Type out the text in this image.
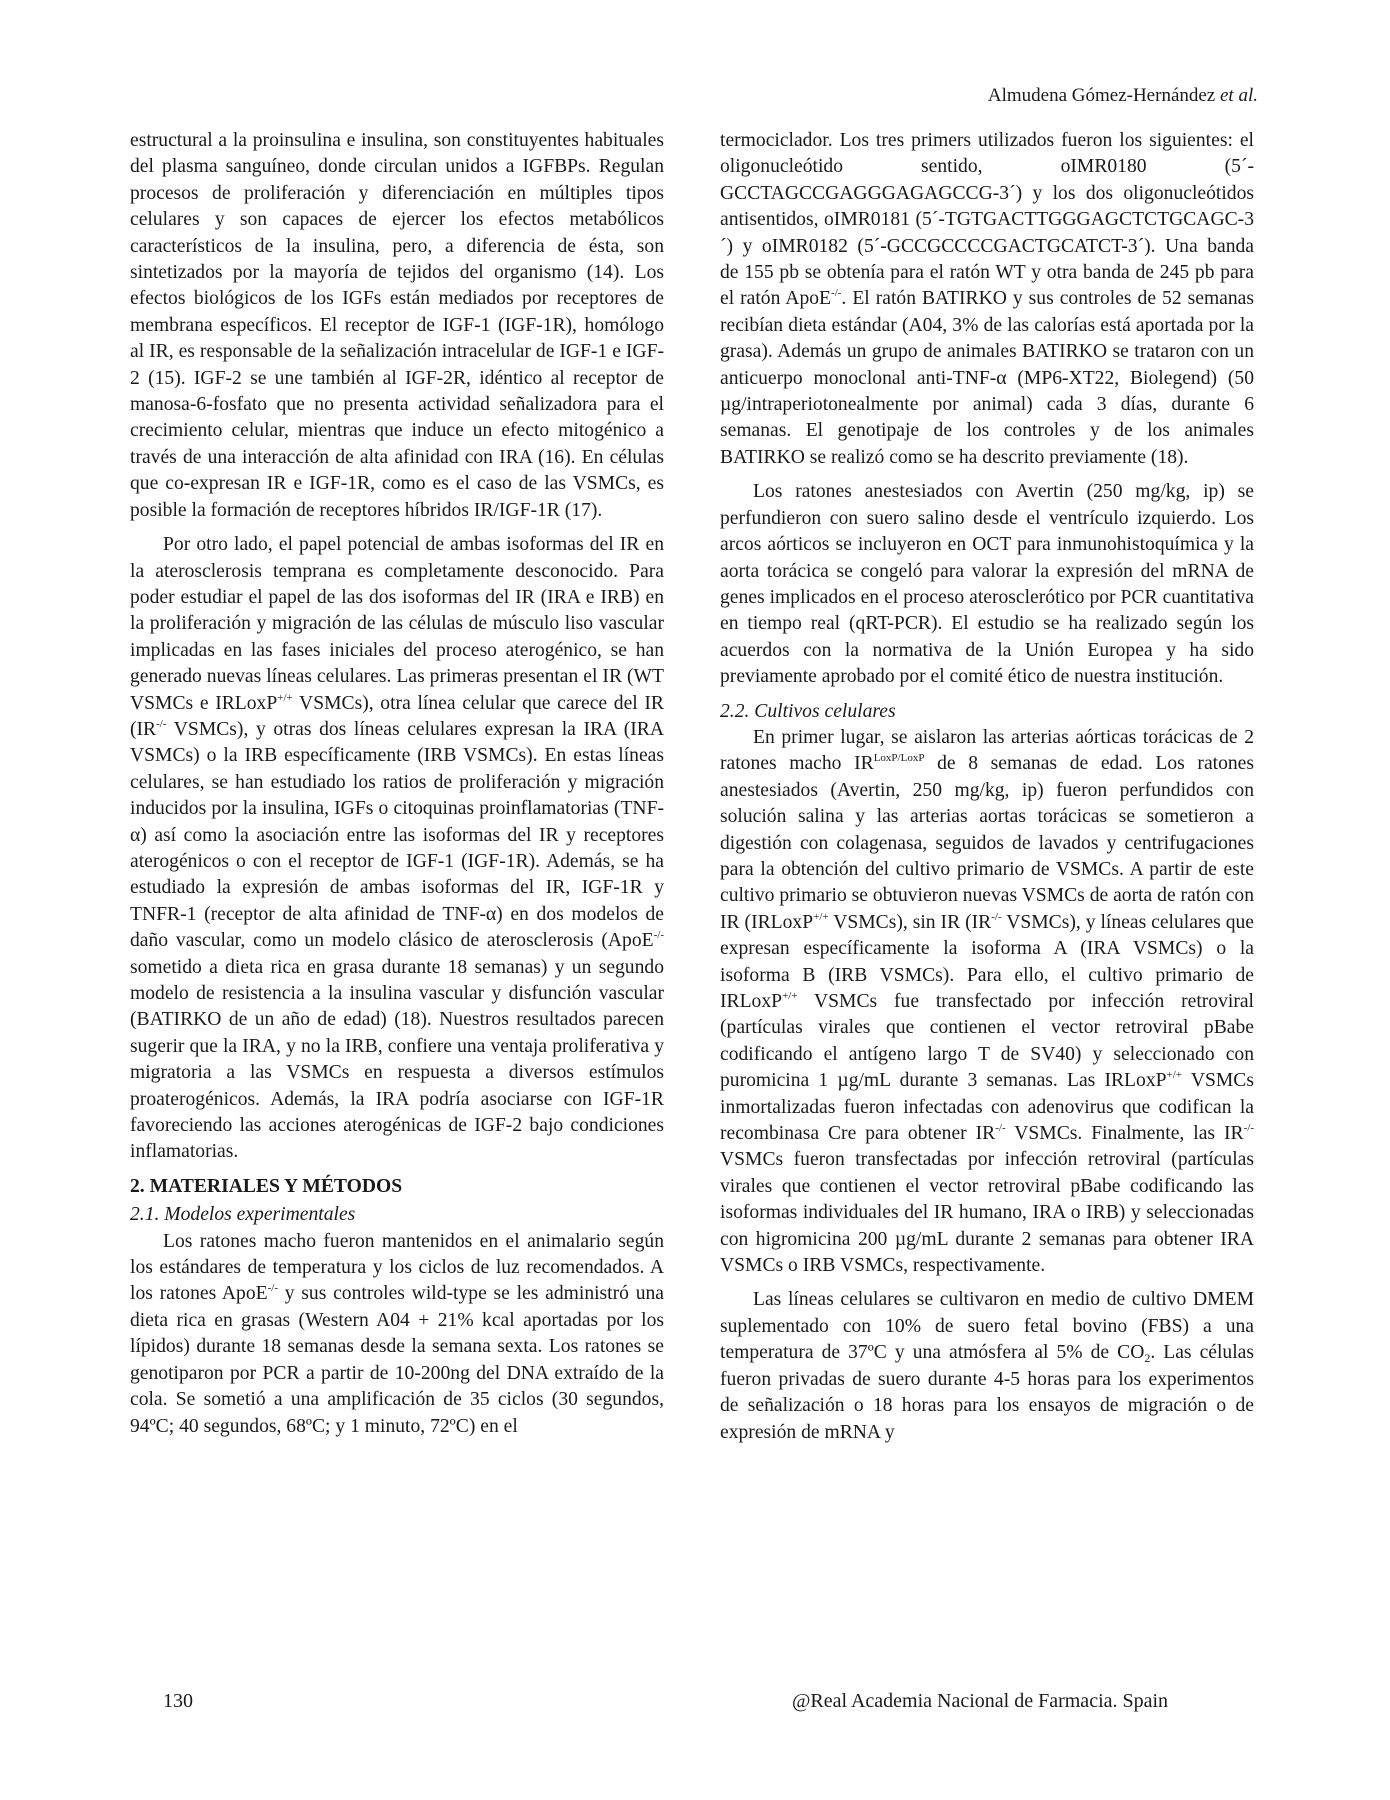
Almudena Gómez-Hernández et al.

estructural a la proinsulina e insulina, son constituyentes habituales del plasma sanguíneo, donde circulan unidos a IGFBPs. Regulan procesos de proliferación y diferenciación en múltiples tipos celulares y son capaces de ejercer los efectos metabólicos característicos de la insulina, pero, a diferencia de ésta, son sintetizados por la mayoría de tejidos del organismo (14). Los efectos biológicos de los IGFs están mediados por receptores de membrana específicos. El receptor de IGF-1 (IGF-1R), homólogo al IR, es responsable de la señalización intracelular de IGF-1 e IGF-2 (15). IGF-2 se une también al IGF-2R, idéntico al receptor de manosa-6-fosfato que no presenta actividad señalizadora para el crecimiento celular, mientras que induce un efecto mitogénico a través de una interacción de alta afinidad con IRA (16). En células que co-expresan IR e IGF-1R, como es el caso de las VSMCs, es posible la formación de receptores híbridos IR/IGF-1R (17).

Por otro lado, el papel potencial de ambas isoformas del IR en la aterosclerosis temprana es completamente desconocido. Para poder estudiar el papel de las dos isoformas del IR (IRA e IRB) en la proliferación y migración de las células de músculo liso vascular implicadas en las fases iniciales del proceso aterogénico, se han generado nuevas líneas celulares. Las primeras presentan el IR (WT VSMCs e IRLoxP+/+ VSMCs), otra línea celular que carece del IR (IR-/- VSMCs), y otras dos líneas celulares expresan la IRA (IRA VSMCs) o la IRB específicamente (IRB VSMCs). En estas líneas celulares, se han estudiado los ratios de proliferación y migración inducidos por la insulina, IGFs o citoquinas proinflamatorias (TNF-α) así como la asociación entre las isoformas del IR y receptores aterogénicos o con el receptor de IGF-1 (IGF-1R). Además, se ha estudiado la expresión de ambas isoformas del IR, IGF-1R y TNFR-1 (receptor de alta afinidad de TNF-α) en dos modelos de daño vascular, como un modelo clásico de aterosclerosis (ApoE-/- sometido a dieta rica en grasa durante 18 semanas) y un segundo modelo de resistencia a la insulina vascular y disfunción vascular (BATIRKO de un año de edad) (18). Nuestros resultados parecen sugerir que la IRA, y no la IRB, confiere una ventaja proliferativa y migratoria a las VSMCs en respuesta a diversos estímulos proaterogénicos. Además, la IRA podría asociarse con IGF-1R favoreciendo las acciones aterogénicas de IGF-2 bajo condiciones inflamatorias.

2. MATERIALES Y MÉTODOS
2.1. Modelos experimentales

Los ratones macho fueron mantenidos en el animalario según los estándares de temperatura y los ciclos de luz recomendados. A los ratones ApoE-/- y sus controles wild-type se les administró una dieta rica en grasas (Western A04 + 21% kcal aportadas por los lípidos) durante 18 semanas desde la semana sexta. Los ratones se genotiparon por PCR a partir de 10-200ng del DNA extraído de la cola. Se sometió a una amplificación de 35 ciclos (30 segundos, 94ºC; 40 segundos, 68ºC; y 1 minuto, 72ºC) en el

termociclador. Los tres primers utilizados fueron los siguientes: el oligonucleótido sentido, oIMR0180 (5´-GCCTAGCCGAGGGAGAGCCG-3´) y los dos oligonucleótidos antisentidos, oIMR0181 (5´-TGTGACTTGGGAGCTCTGCAGC-3´) y oIMR0182 (5´-GCCGCCCCGACTGCATCT-3´). Una banda de 155 pb se obtenía para el ratón WT y otra banda de 245 pb para el ratón ApoE-/-. El ratón BATIRKO y sus controles de 52 semanas recibían dieta estándar (A04, 3% de las calorías está aportada por la grasa). Además un grupo de animales BATIRKO se trataron con un anticuerpo monoclonal anti-TNF-α (MP6-XT22, Biolegend) (50 µg/intraperiotonealmente por animal) cada 3 días, durante 6 semanas. El genotipaje de los controles y de los animales BATIRKO se realizó como se ha descrito previamente (18).

Los ratones anestesiados con Avertin (250 mg/kg, ip) se perfundieron con suero salino desde el ventrículo izquierdo. Los arcos aórticos se incluyeron en OCT para inmunohistoquímica y la aorta torácica se congeló para valorar la expresión del mRNA de genes implicados en el proceso aterosclerótico por PCR cuantitativa en tiempo real (qRT-PCR). El estudio se ha realizado según los acuerdos con la normativa de la Unión Europea y ha sido previamente aprobado por el comité ético de nuestra institución.

2.2. Cultivos celulares

En primer lugar, se aislaron las arterias aórticas torácicas de 2 ratones macho $IR^{LoxP/LoxP}$ de 8 semanas de edad. Los ratones anestesiados (Avertin, 250 mg/kg, ip) fueron perfundidos con solución salina y las arterias aortas torácicas se sometieron a digestión con colagenasa, seguidos de lavados y centrifugaciones para la obtención del cultivo primario de VSMCs. A partir de este cultivo primario se obtuvieron nuevas VSMCs de aorta de ratón con IR (IRLoxP+/+ VSMCs), sin IR (IR-/- VSMCs), y líneas celulares que expresan específicamente la isoforma A (IRA VSMCs) o la isoforma B (IRB VSMCs). Para ello, el cultivo primario de IRLoxP+/+ VSMCs fue transfectado por infección retroviral (partículas virales que contienen el vector retroviral pBabe codificando el antígeno largo T de SV40) y seleccionado con puromicina 1 µg/mL durante 3 semanas. Las IRLoxP+/+ VSMCs inmortalizadas fueron infectadas con adenovirus que codifican la recombinasa Cre para obtener IR-/- VSMCs. Finalmente, las IR-/- VSMCs fueron transfectadas por infección retroviral (partículas virales que contienen el vector retroviral pBabe codificando las isoformas individuales del IR humano, IRA o IRB) y seleccionadas con higromicina 200 µg/mL durante 2 semanas para obtener IRA VSMCs o IRB VSMCs, respectivamente.

Las líneas celulares se cultivaron en medio de cultivo DMEM suplementado con 10% de suero fetal bovino (FBS) a una temperatura de 37ºC y una atmósfera al 5% de $CO_2$. Las células fueron privadas de suero durante 4-5 horas para los experimentos de señalización o 18 horas para los ensayos de migración o de expresión de mRNA y

130	@Real Academia Nacional de Farmacia. Spain
